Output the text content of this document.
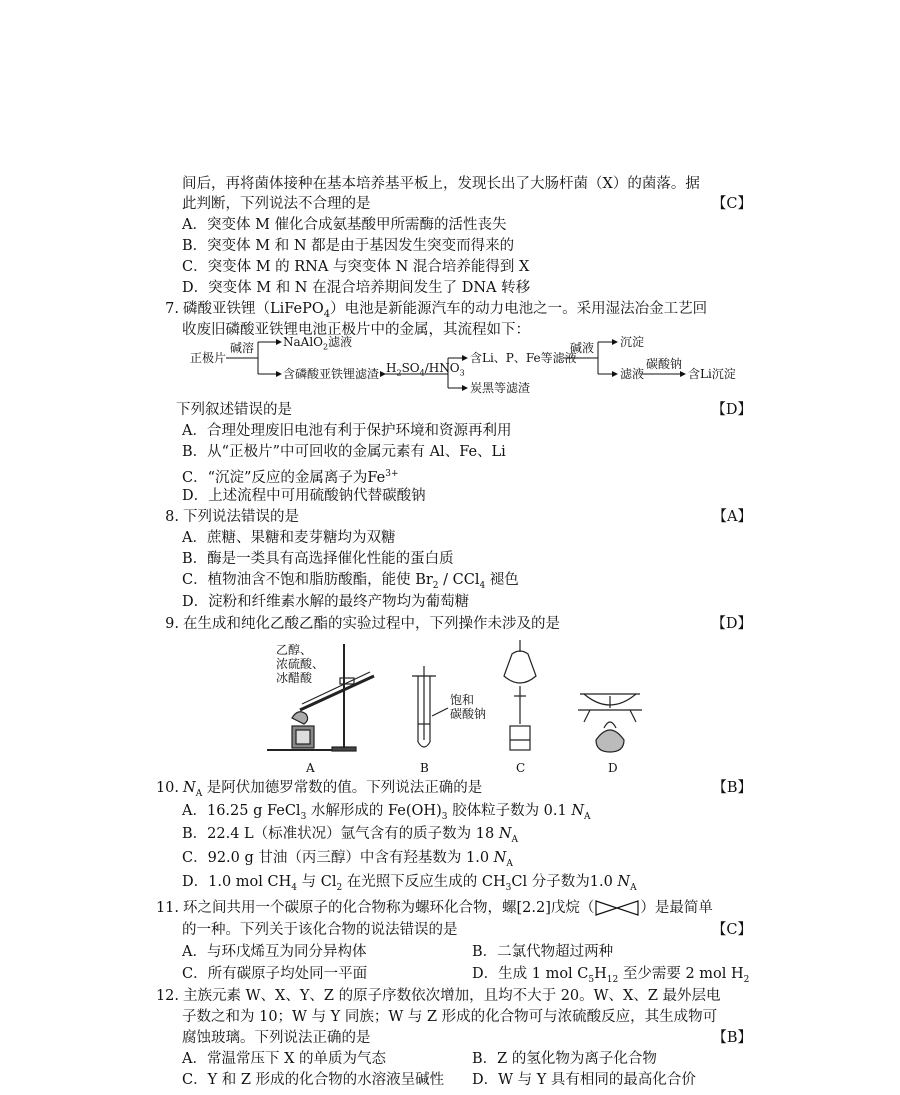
间后，再将菌体接种在基本培养基平板上，发现长出了大肠杆菌（X）的菌落。据
此判断，下列说法不合理的是	【C】
A．突变体 M 催化合成氨基酸甲所需酶的活性丧失
B．突变体 M 和 N 都是由于基因发生突变而得来的
C．突变体 M 的 RNA 与突变体 N 混合培养能得到 X
D．突变体 M 和 N 在混合培养期间发生了 DNA 转移
7. 磷酸亚铁锂（LiFePO$_4$）电池是新能源汽车的动力电池之一。采用湿法冶金工艺回
收废旧磷酸亚铁锂电池正极片中的金属，其流程如下：
正极片
碱溶 NaAlO$_2$滤液
含磷酸亚铁锂滤渣 $H_2SO_4/HNO_3$
含Li、P、Fe等滤液
炭黑等滤渣
碱液 沉淀
滤液
碳酸钠
含Li沉淀
下列叙述错误的是	【D】
A．合理处理废旧电池有利于保护环境和资源再利用
B．从“正极片”中可回收的金属元素有 Al、Fe、Li
C．“沉淀”反应的金属离子为$Fe^{3+}$
D．上述流程中可用硫酸钠代替碳酸钠
8. 下列说法错误的是	【A】
A．蔗糖、果糖和麦芽糖均为双糖
B．酶是一类具有高选择催化性能的蛋白质
C．植物油含不饱和脂肪酸酯，能使 $Br_2 / CCl_4$ 褪色
D．淀粉和纤维素水解的最终产物均为葡萄糖
9. 在生成和纯化乙酸乙酯的实验过程中，下列操作未涉及的是	【D】
乙醇、
浓硫酸、
冰醋酸
饱和
碳酸钠
A	B	C	D
10. $N_A$ 是阿伏加德罗常数的值。下列说法正确的是	【B】
A．16.25 g FeCl$_3$ 水解形成的 $Fe(OH)_3$ 胶体粒子数为 0.1 $N_A$
B．22.4 L（标准状况）氩气含有的质子数为 18 $N_A$
C．92.0 g 甘油（丙三醇）中含有羟基数为 1.0 $N_A$
D．1.0 mol $CH_4$ 与 $Cl_2$ 在光照下反应生成的 $CH_3Cl$ 分子数为1.0 $N_A$
11. 环之间共用一个碳原子的化合物称为螺环化合物，螺[2.2]戊烷（	）是最简单
的一种。下列关于该化合物的说法错误的是	【C】
A．与环戊烯互为同分异构体	B．二氯代物超过两种
C．所有碳原子均处同一平面	D．生成 1 mol $C_5H_{12}$ 至少需要 2 mol $H_2$
12. 主族元素 W、X、Y、Z 的原子序数依次增加，且均不大于 20。W、X、Z 最外层电
子数之和为 10；W 与 Y 同族；W 与 Z 形成的化合物可与浓硫酸反应，其生成物可
腐蚀玻璃。下列说法正确的是	【B】
A．常温常压下 X 的单质为气态	B．Z 的氢化物为离子化合物
C．Y 和 Z 形成的化合物的水溶液呈碱性 D．W 与 Y 具有相同的最高化合价
